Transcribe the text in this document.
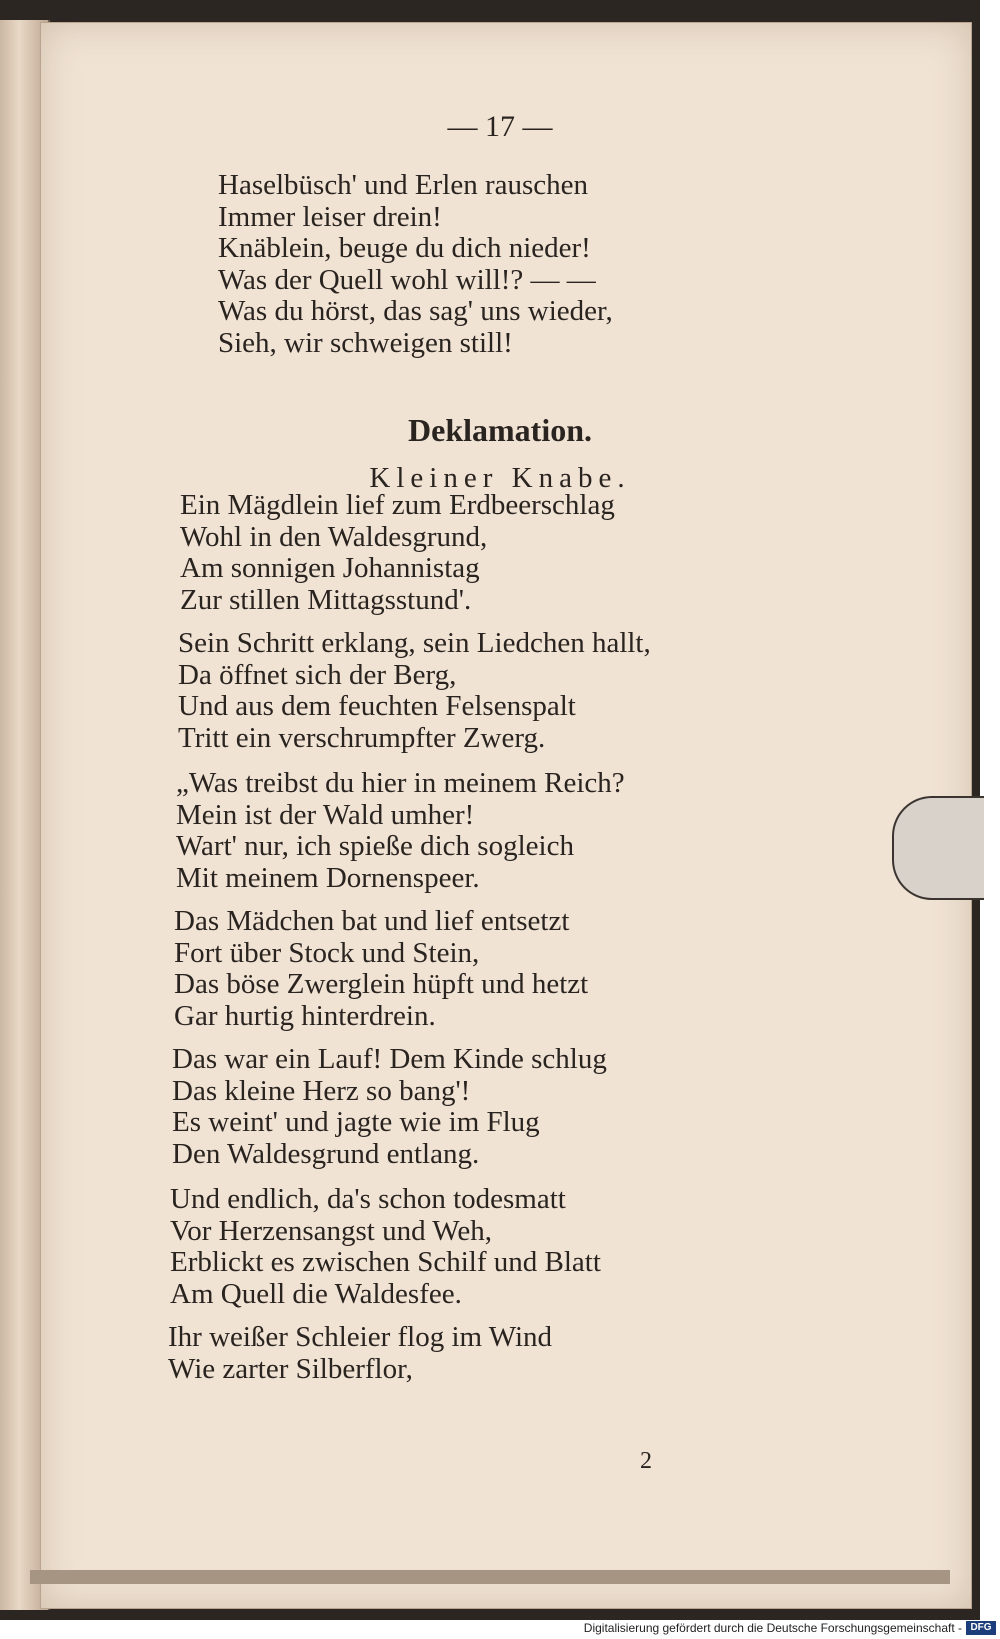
— 17 —
Haselbüsch' und Erlen rauschen
Immer leiser drein!
Knäblein, beuge du dich nieder!
Was der Quell wohl will!? — —
Was du hörst, das sag' uns wieder,
Sieh, wir schweigen still!
Deklamation.
Kleiner Knabe.
Ein Mägdlein lief zum Erdbeerschlag
Wohl in den Waldesgrund,
Am sonnigen Johannistag
Zur stillen Mittagsstund'.
Sein Schritt erklang, sein Liedchen hallt,
Da öffnet sich der Berg,
Und aus dem feuchten Felsenspalt
Tritt ein verschrumpfter Zwerg.
„Was treibst du hier in meinem Reich?
Mein ist der Wald umher!
Wart' nur, ich spieße dich sogleich
Mit meinem Dornenspeer.
Das Mädchen bat und lief entsetzt
Fort über Stock und Stein,
Das böse Zwerglein hüpft und hetzt
Gar hurtig hinterdrein.
Das war ein Lauf! Dem Kinde schlug
Das kleine Herz so bang'!
Es weint' und jagte wie im Flug
Den Waldesgrund entlang.
Und endlich, da's schon todesmatt
Vor Herzensangst und Weh,
Erblickt es zwischen Schilf und Blatt
Am Quell die Waldesfee.
Ihr weißer Schleier flog im Wind
Wie zarter Silberflor,
2
Digitalisierung gefördert durch die Deutsche Forschungsgemeinschaft - DFG
